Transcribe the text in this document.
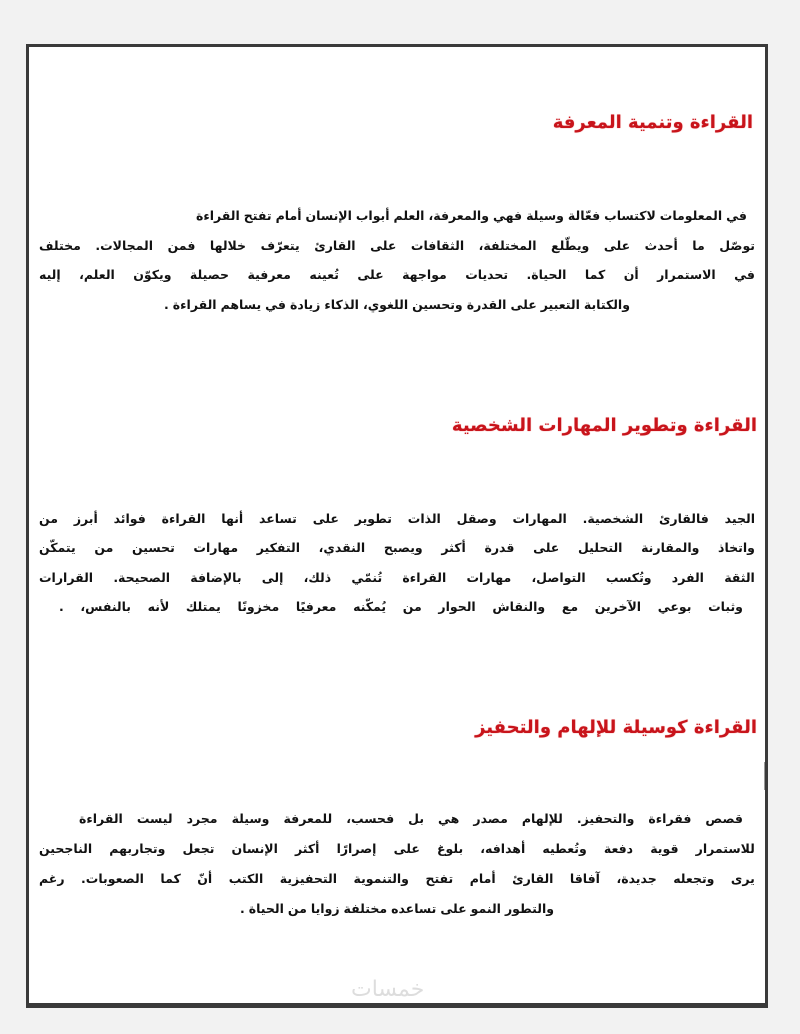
القراءة وتنمية المعرفة
القراءة تفتح أمام الإنسان أبواب العلم والمعرفة، فهي وسيلة فعّالة لاكتساب المعلومات في
مختلف المجالات. فمن خلالها يتعرّف القارئ على الثقافات المختلفة، ويطّلع على أحدث ما توصّل
إليه العلم، ويكوّن حصيلة معرفية تُعينه على مواجهة تحديات الحياة. كما أن الاستمرار في
. القراءة يساهم في زيادة الذكاء اللغوي، وتحسين القدرة على التعبير والكتابة
القراءة وتطوير المهارات الشخصية
من أبرز فوائد القراءة أنها تساعد على تطوير الذات وصقل المهارات الشخصية. فالقارئ الجيد
يتمكّن من تحسين مهارات التفكير النقدي، ويصبح أكثر قدرة على التحليل والمقارنة واتخاذ
القرارات الصحيحة. بالإضافة إلى ذلك، تُنمّي القراءة مهارات التواصل، وتُكسب الفرد الثقة
. بالنفس، لأنه يمتلك مخزونًا معرفيًا يُمكّنه من الحوار والنقاش مع الآخرين بوعي وثبات
القراءة كوسيلة للإلهام والتحفيز
القراءة ليست مجرد وسيلة للمعرفة فحسب، بل هي مصدر للإلهام والتحفيز. فقراءة قصص
الناجحين وتجاربهم تجعل الإنسان أكثر إصرارًا على بلوغ أهدافه، وتُعطيه دفعة قوية للاستمرار
رغم الصعوبات. كما أنّ الكتب التحفيزية والتنموية تفتح أمام القارئ آفاقا جديدة، وتجعله يرى
. الحياة من زوايا مختلفة تساعده على النمو والتطور
خمسات
